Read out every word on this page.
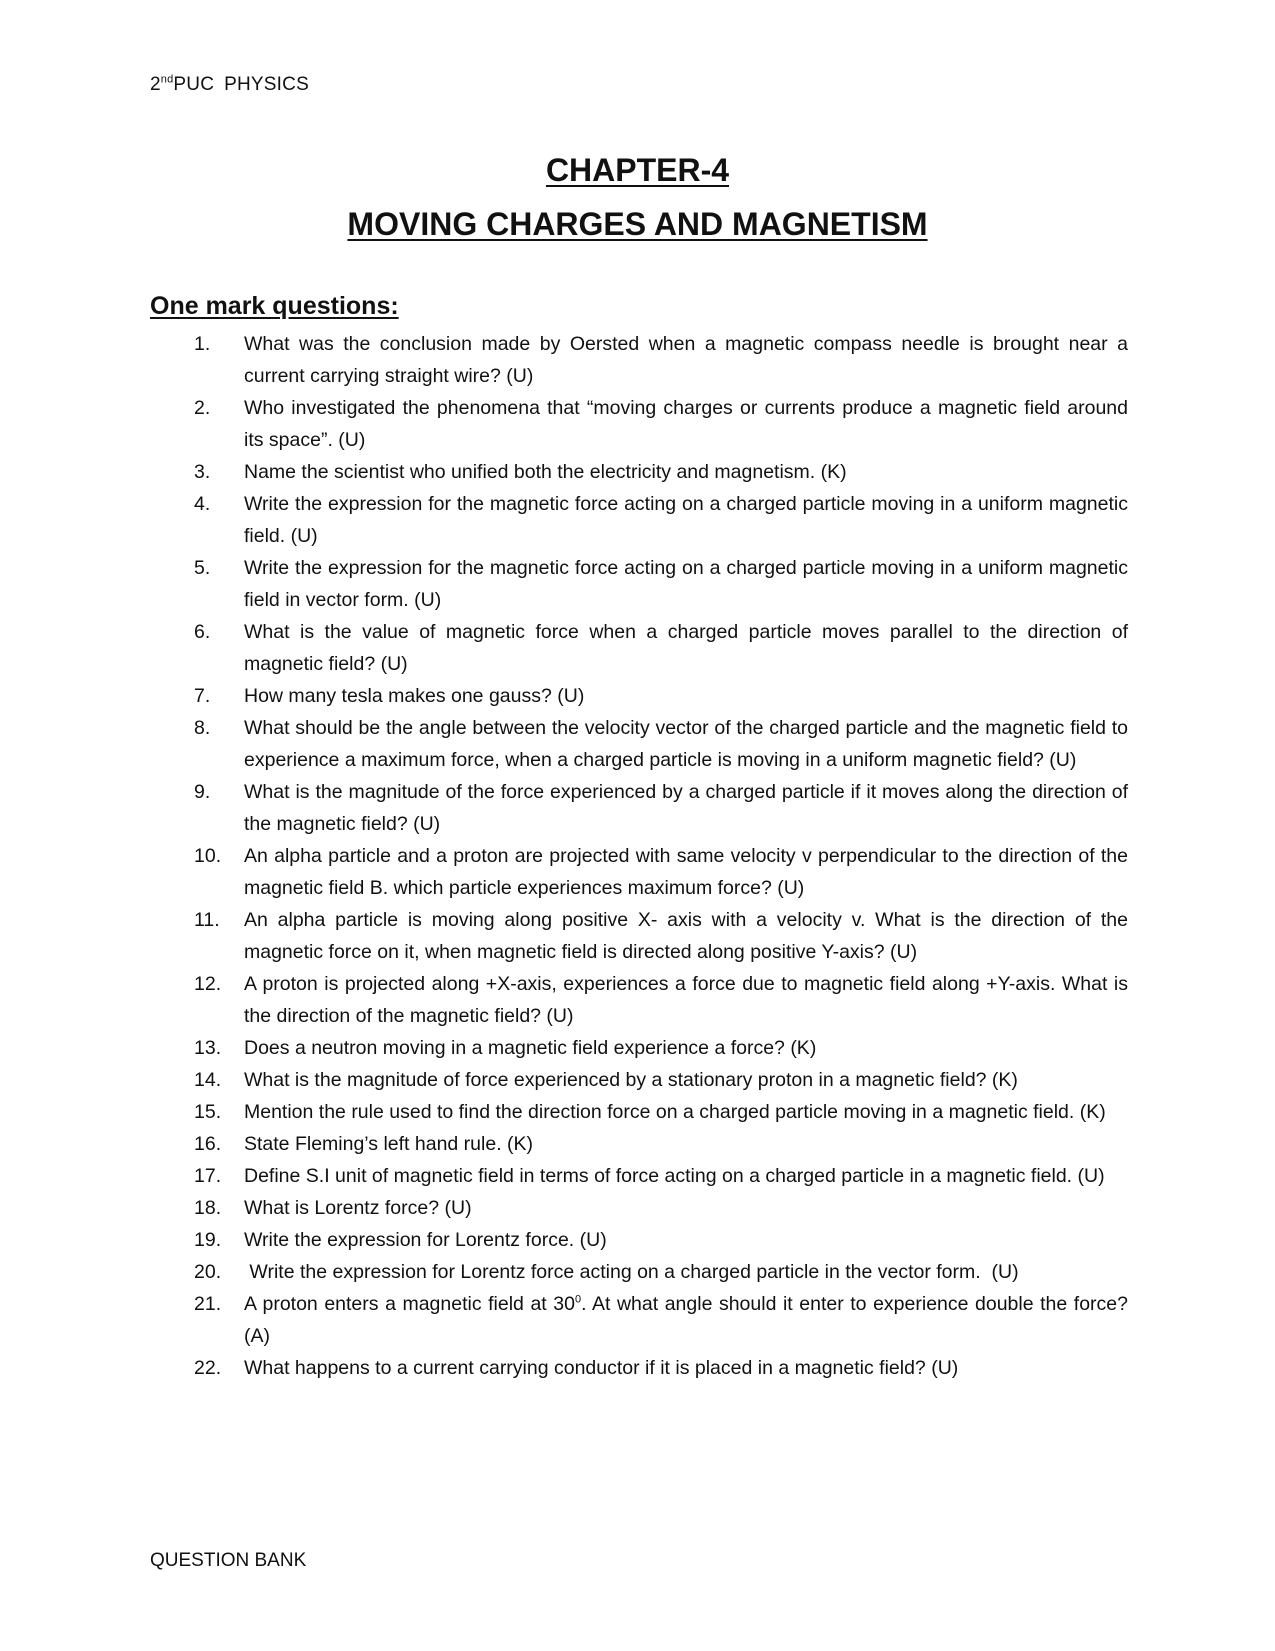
2ndPUC PHYSICS
CHAPTER-4
MOVING CHARGES AND MAGNETISM
One mark questions:
1. What was the conclusion made by Oersted when a magnetic compass needle is brought near a current carrying straight wire? (U)
2. Who investigated the phenomena that “moving charges or currents produce a magnetic field around its space”. (U)
3. Name the scientist who unified both the electricity and magnetism. (K)
4. Write the expression for the magnetic force acting on a charged particle moving in a uniform magnetic field. (U)
5. Write the expression for the magnetic force acting on a charged particle moving in a uniform magnetic field in vector form. (U)
6. What is the value of magnetic force when a charged particle moves parallel to the direction of magnetic field? (U)
7. How many tesla makes one gauss? (U)
8. What should be the angle between the velocity vector of the charged particle and the magnetic field to experience a maximum force, when a charged particle is moving in a uniform magnetic field? (U)
9. What is the magnitude of the force experienced by a charged particle if it moves along the direction of the magnetic field? (U)
10. An alpha particle and a proton are projected with same velocity v perpendicular to the direction of the magnetic field B. which particle experiences maximum force? (U)
11. An alpha particle is moving along positive X- axis with a velocity v. What is the direction of the magnetic force on it, when magnetic field is directed along positive Y-axis? (U)
12. A proton is projected along +X-axis, experiences a force due to magnetic field along +Y-axis. What is the direction of the magnetic field? (U)
13. Does a neutron moving in a magnetic field experience a force? (K)
14. What is the magnitude of force experienced by a stationary proton in a magnetic field? (K)
15. Mention the rule used to find the direction force on a charged particle moving in a magnetic field. (K)
16. State Fleming’s left hand rule. (K)
17. Define S.I unit of magnetic field in terms of force acting on a charged particle in a magnetic field. (U)
18. What is Lorentz force? (U)
19. Write the expression for Lorentz force. (U)
20. Write the expression for Lorentz force acting on a charged particle in the vector form.  (U)
21. A proton enters a magnetic field at $30^0$. At what angle should it enter to experience double the force? (A)
22. What happens to a current carrying conductor if it is placed in a magnetic field? (U)
QUESTION BANK
